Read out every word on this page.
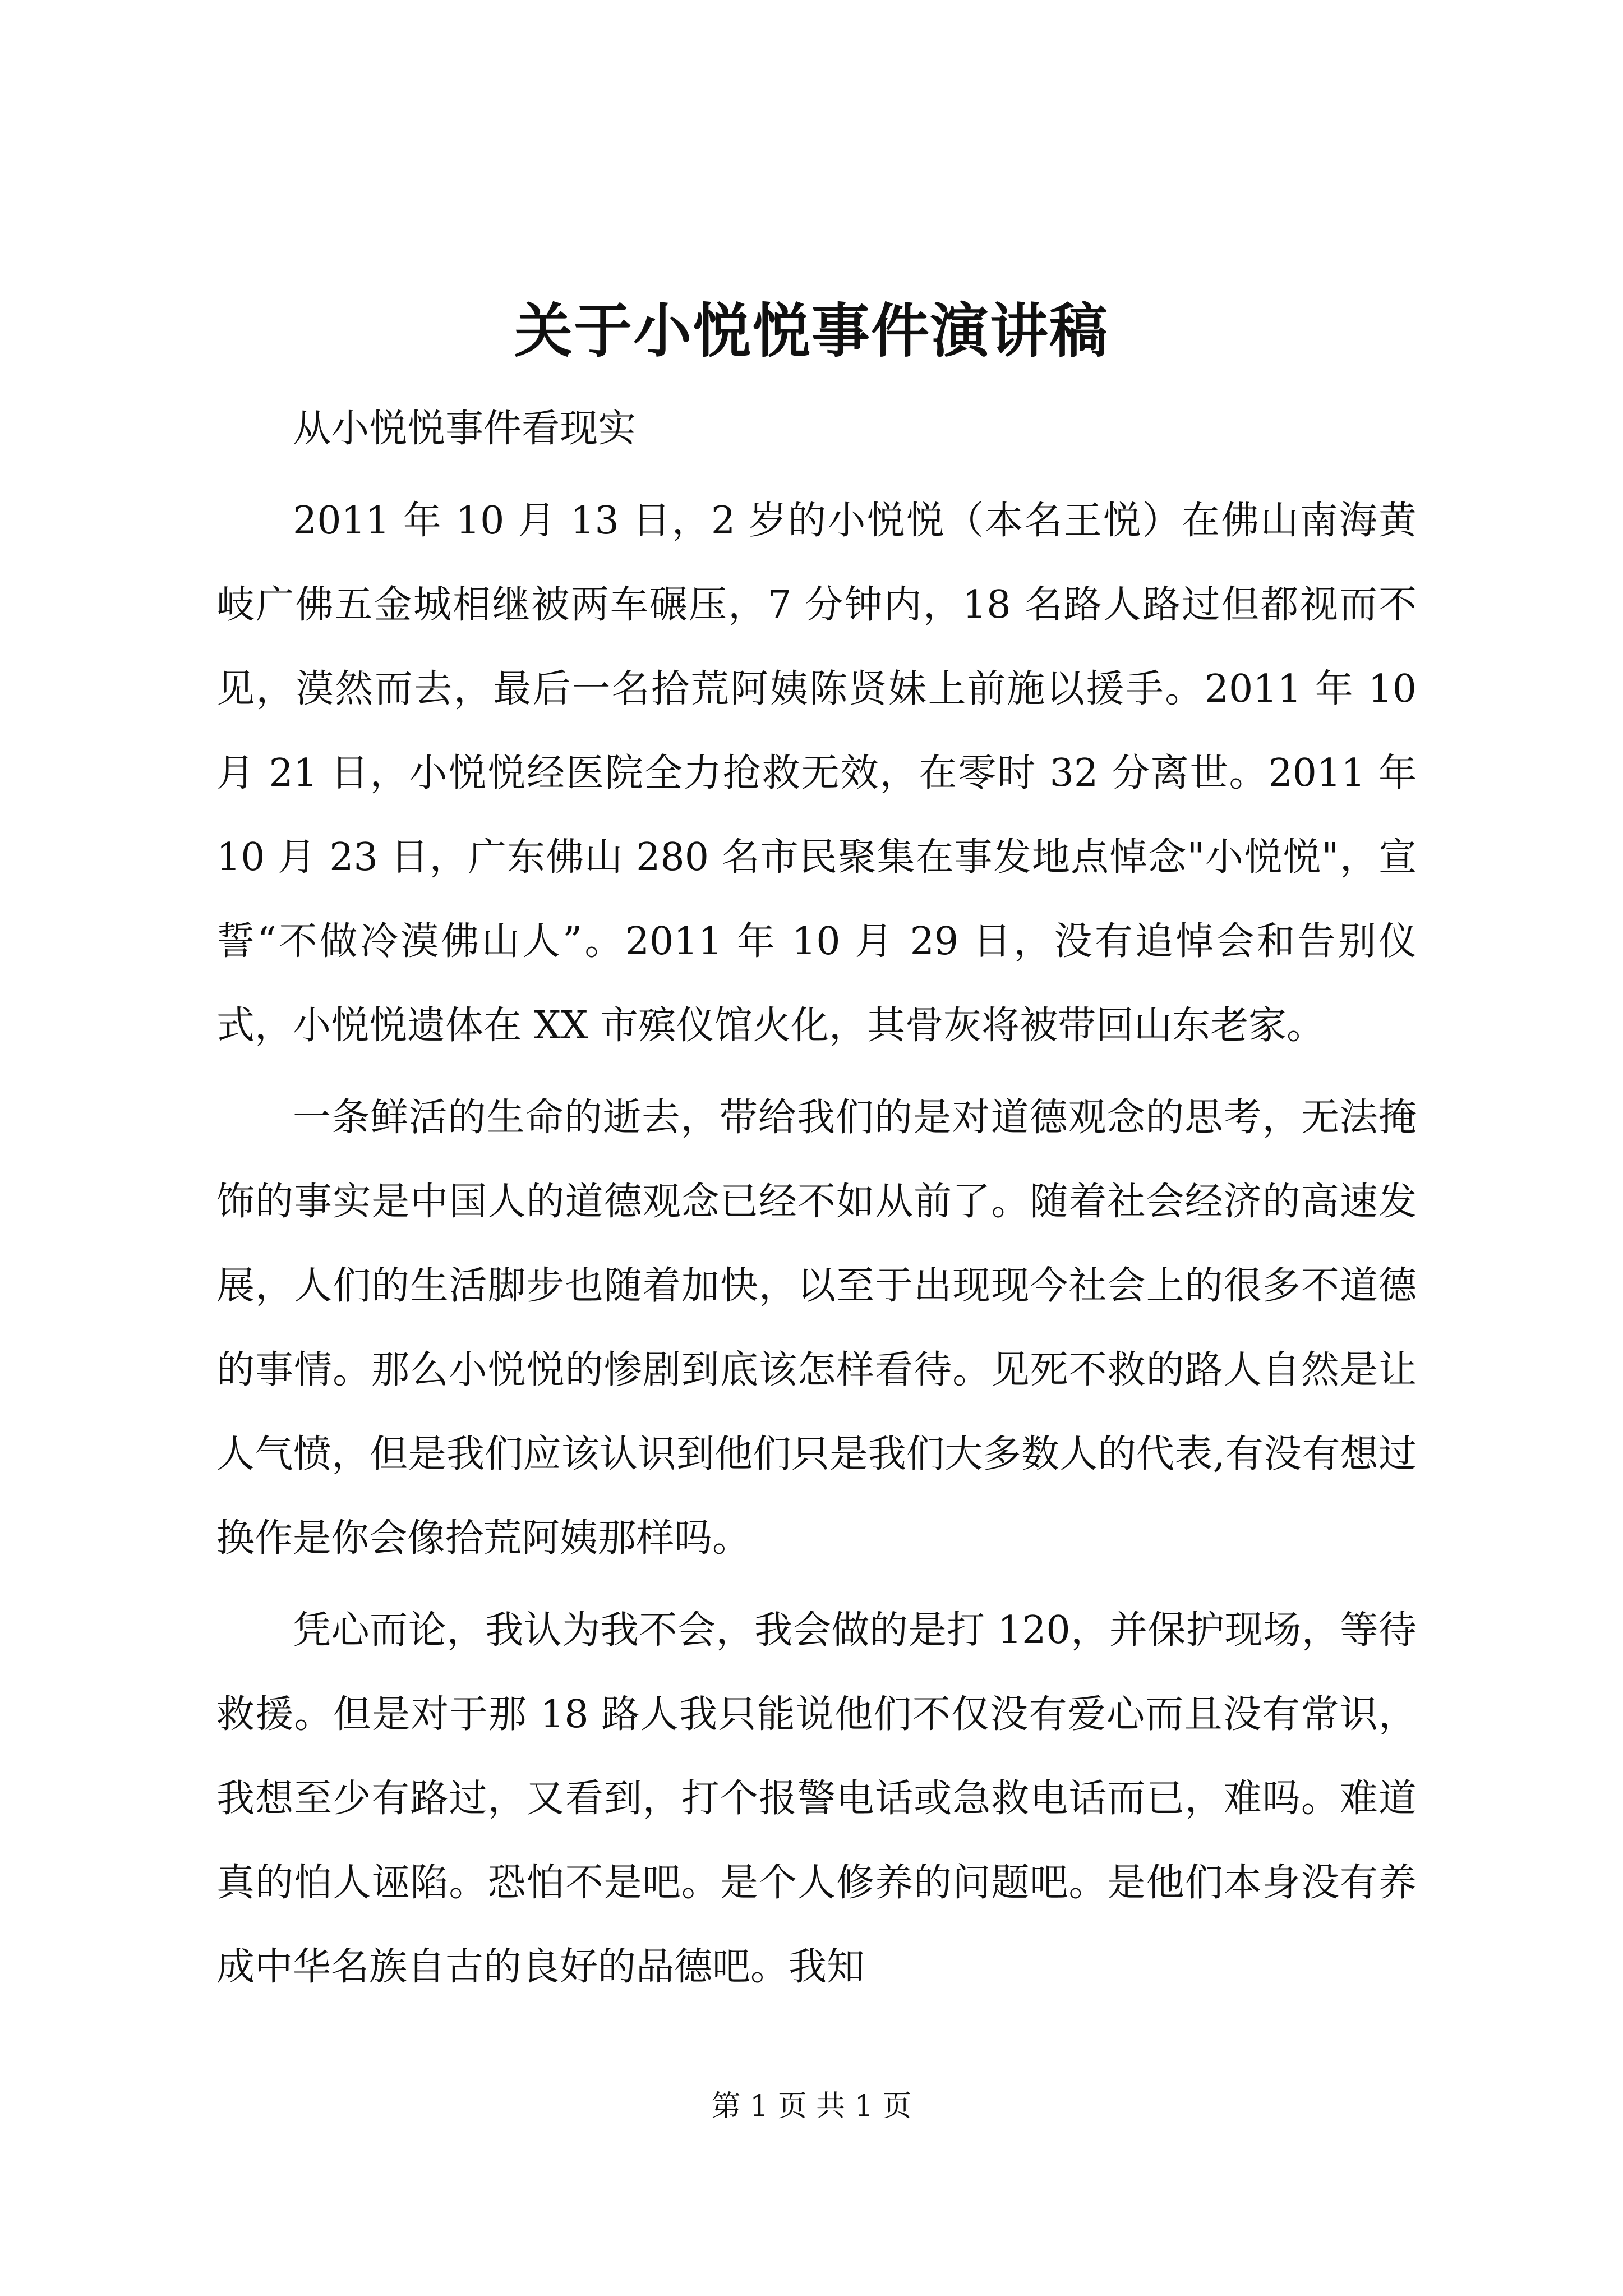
关于小悦悦事件演讲稿

从小悦悦事件看现实

2011 年 10 月 13 日，2 岁的小悦悦（本名王悦）在佛山南海黄岐广佛五金城相继被两车碾压，7 分钟内，18 名路人路过但都视而不见，漠然而去，最后一名拾荒阿姨陈贤妹上前施以援手。2011 年 10 月 21 日，小悦悦经医院全力抢救无效，在零时 32 分离世。2011 年 10 月 23 日，广东佛山 280 名市民聚集在事发地点悼念"小悦悦"，宣誓“不做冷漠佛山人”。2011 年 10 月 29 日，没有追悼会和告别仪式，小悦悦遗体在 XX 市殡仪馆火化，其骨灰将被带回山东老家。

一条鲜活的生命的逝去，带给我们的是对道德观念的思考，无法掩饰的事实是中国人的道德观念已经不如从前了。随着社会经济的高速发展，人们的生活脚步也随着加快，以至于出现现今社会上的很多不道德的事情。那么小悦悦的惨剧到底该怎样看待。见死不救的路人自然是让人气愤，但是我们应该认识到他们只是我们大多数人的代表,有没有想过换作是你会像拾荒阿姨那样吗。

凭心而论，我认为我不会，我会做的是打 120，并保护现场，等待救援。但是对于那 18 路人我只能说他们不仅没有爱心而且没有常识，我想至少有路过，又看到，打个报警电话或急救电话而已，难吗。难道真的怕人诬陷。恐怕不是吧。是个人修养的问题吧。是他们本身没有养成中华名族自古的良好的品德吧。我知

第 1 页 共 1 页
